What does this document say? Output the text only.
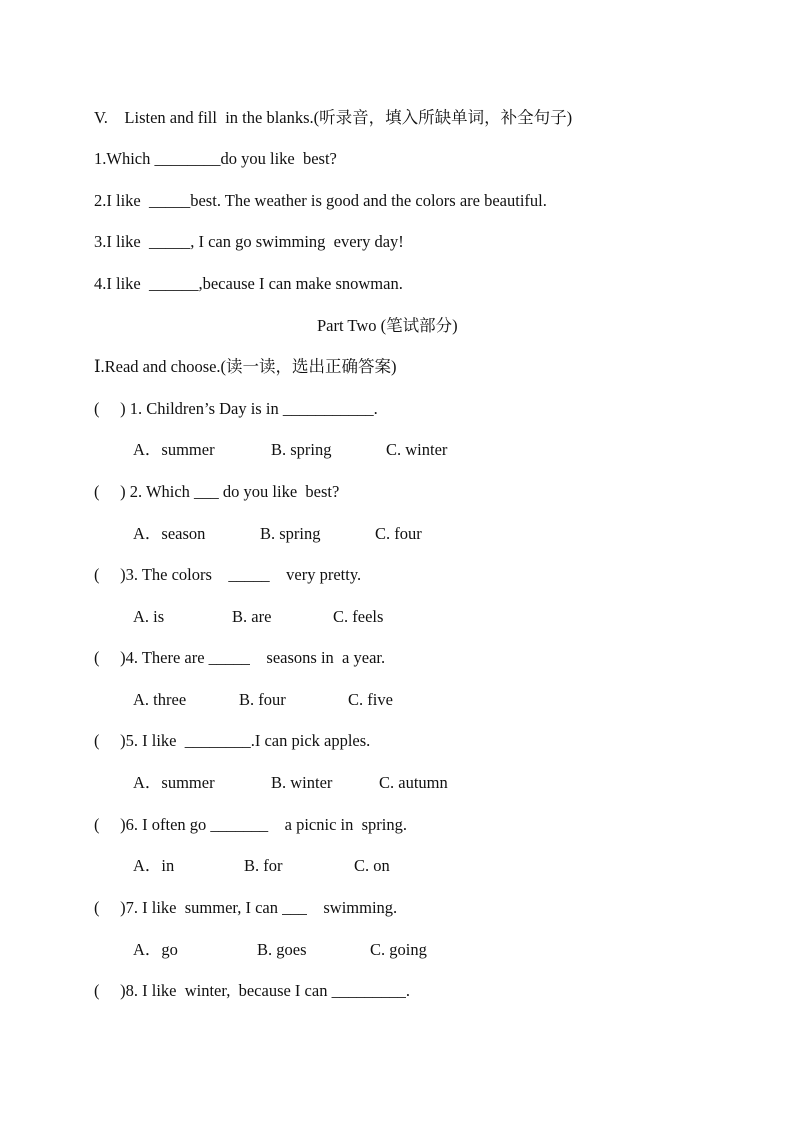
V.    Listen and fill  in the blanks.(听录音，填入所缺单词，补全句子)
1.Which ________do you like  best?
2.I like  _____best. The weather is good and the colors are beautiful.
3.I like  _____, I can go swimming  every day!
4.I like  ______,because I can make snowman.
Part Two (笔试部分)
Ⅰ.Read and choose.(读一读，选出正确答案)
(     ) 1. Children’s Day is in ___________.
A．summer	B. spring	C. winter
(     ) 2. Which ___ do you like  best?
A．season	B. spring	C. four
(     )3. The colors    _____    very pretty.
A. is	B. are	C. feels
(     )4. There are _____    seasons in  a year.
A. three	B. four	C. five
(     )5. I like  ________.I can pick apples.
A．summer	B. winter	C. autumn
(     )6. I often go _______    a picnic in  spring.
A．in	B. for	C. on
(     )7. I like  summer, I can ___    swimming.
A．go	B. goes	C. going
(     )8. I like  winter,  because I can _________.
